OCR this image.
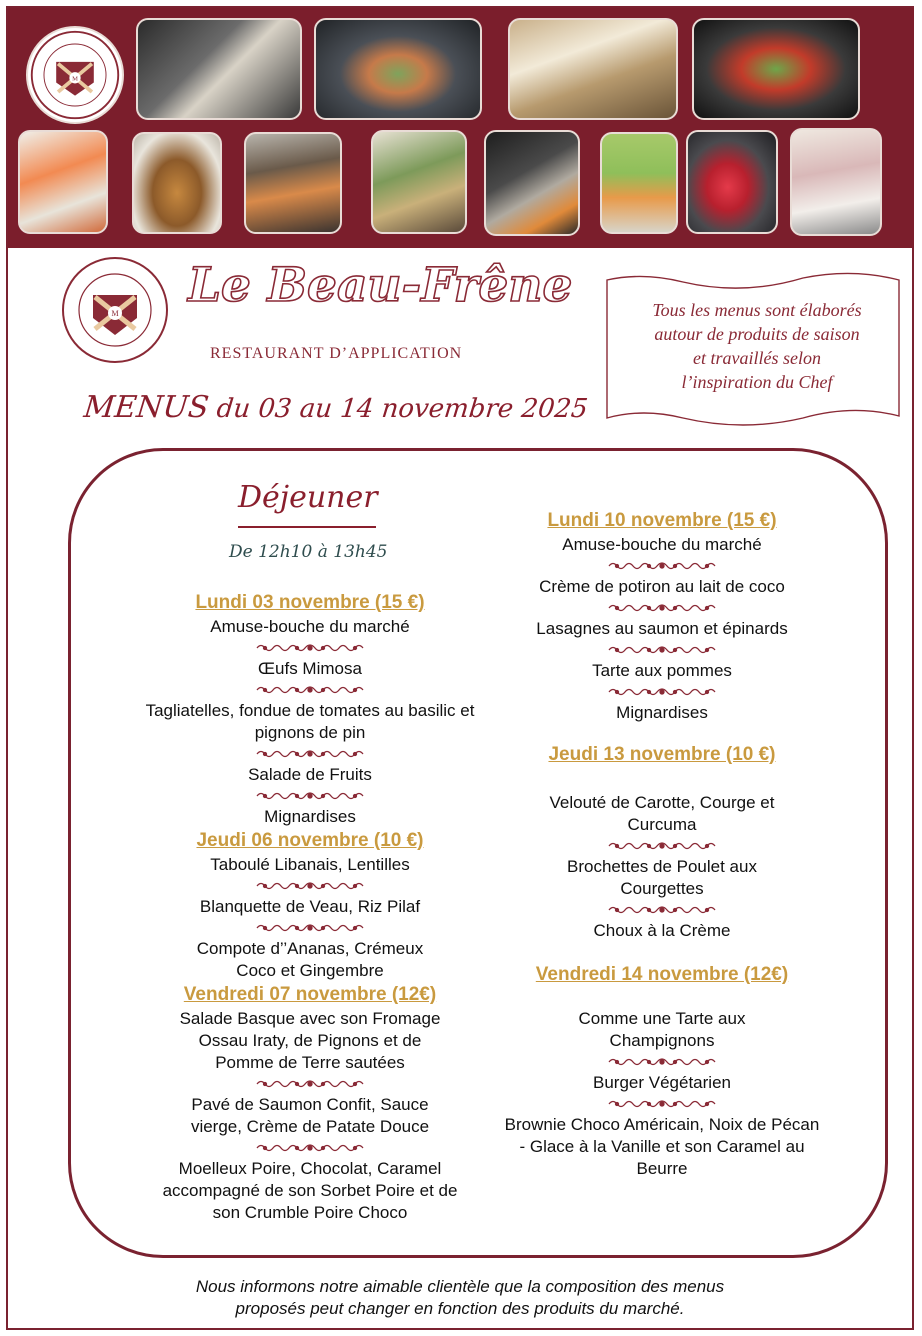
M
M
Le Beau-Frêne
RESTAURANT D’APPLICATION
Tous les menus sont élaborés
autour de produits de saison
et travaillés selon
l’inspiration du Chef
MENUS du 03 au 14 novembre 2025
Déjeuner
De 12h10 à 13h45
Lundi 03 novembre (15 €)
Amuse-bouche du marché
Œufs Mimosa
Tagliatelles, fondue de tomates au basilic et pignons de pin
Salade de Fruits
Mignardises
Jeudi 06 novembre (10 €)
Taboulé Libanais, Lentilles
Blanquette de Veau, Riz Pilaf
Compote d’’Ananas, Crémeux Coco et Gingembre
Vendredi 07 novembre (12€)
Salade Basque avec son Fromage Ossau Iraty, de Pignons et de Pomme de Terre sautées
Pavé de Saumon Confit, Sauce vierge, Crème de Patate Douce
Moelleux Poire, Chocolat, Caramel accompagné de son Sorbet Poire et de son Crumble Poire Choco
Lundi 10 novembre (15 €)
Amuse-bouche du marché
Crème de potiron au lait de coco
Lasagnes au saumon et épinards
Tarte aux pommes
Mignardises
Jeudi 13 novembre (10 €)
Velouté de Carotte, Courge et Curcuma
Brochettes de Poulet aux Courgettes
Choux à la Crème
Vendredi 14 novembre (12€)
Comme une Tarte aux Champignons
Burger Végétarien
Brownie Choco Américain, Noix de Pécan - Glace à la Vanille et son Caramel au Beurre
Nous informons notre aimable clientèle que la composition des menus
proposés peut changer en fonction des produits du marché.
